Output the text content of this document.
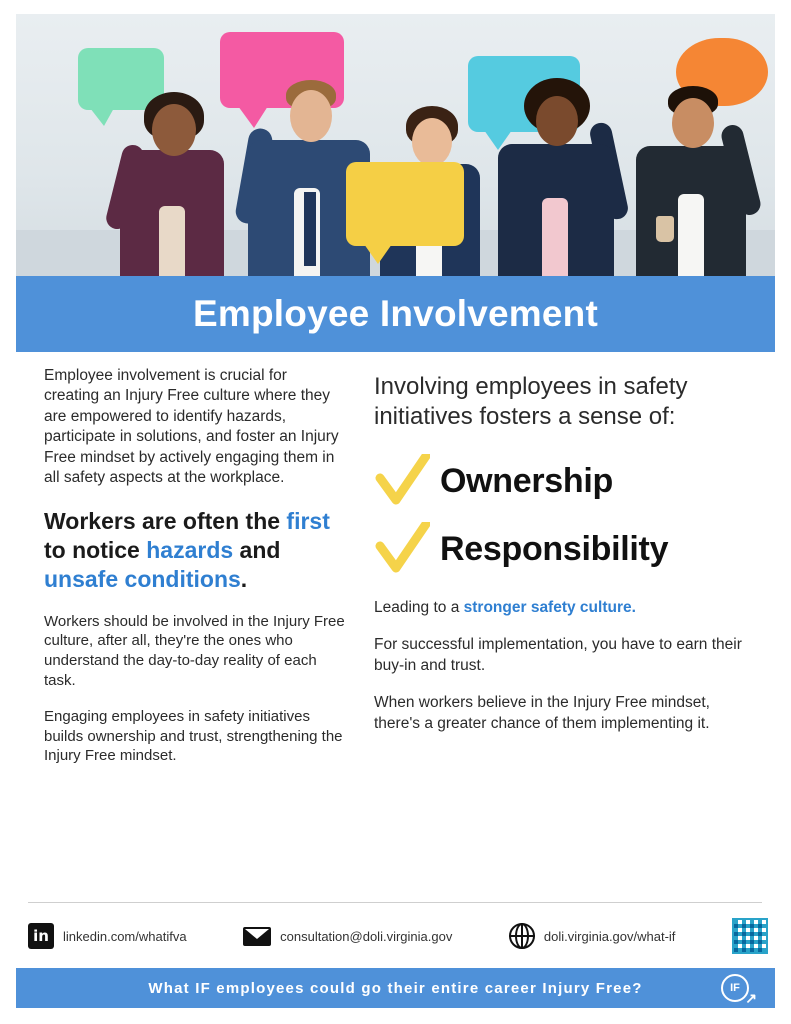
Employee Involvement

Employee involvement is crucial for creating an Injury Free culture where they are empowered to identify hazards, participate in solutions, and foster an Injury Free mindset by actively engaging them in all safety aspects at the workplace.

Workers are often the first to notice hazards and unsafe conditions.

Workers should be involved in the Injury Free culture, after all, they're the ones who understand the day-to-day reality of each task.

Engaging employees in safety initiatives builds ownership and trust, strengthening the Injury Free mindset.

Involving employees in safety initiatives fosters a sense of:

Ownership
Responsibility

Leading to a stronger safety culture.

For successful implementation, you have to earn their buy-in and trust.

When workers believe in the Injury Free mindset, there's a greater chance of them implementing it.

in	linkedin.com/whatifva	consultation@doli.virginia.gov	doli.virginia.gov/what-if
What IF employees could go their entire career Injury Free?	IF
↗
